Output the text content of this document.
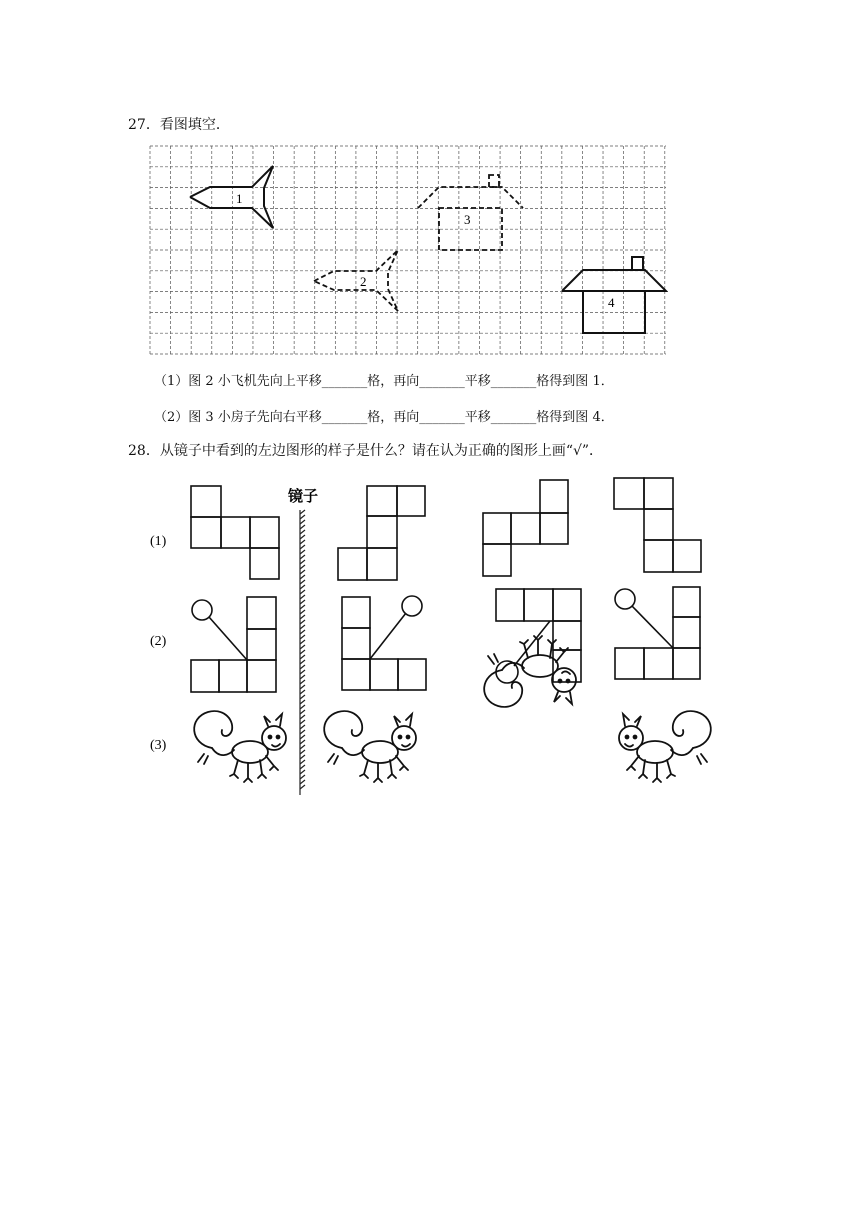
27．看图填空．
1
2
3
4
（1）图 2 小飞机先向上平移_______格，再向_______平移_______格得到图 1．
（2）图 3 小房子先向右平移_______格，再向_______平移_______格得到图 4．
28．从镜子中看到的左边图形的样子是什么？请在认为正确的图形上画“√”．
镜子
(1)
(2)
(3)
